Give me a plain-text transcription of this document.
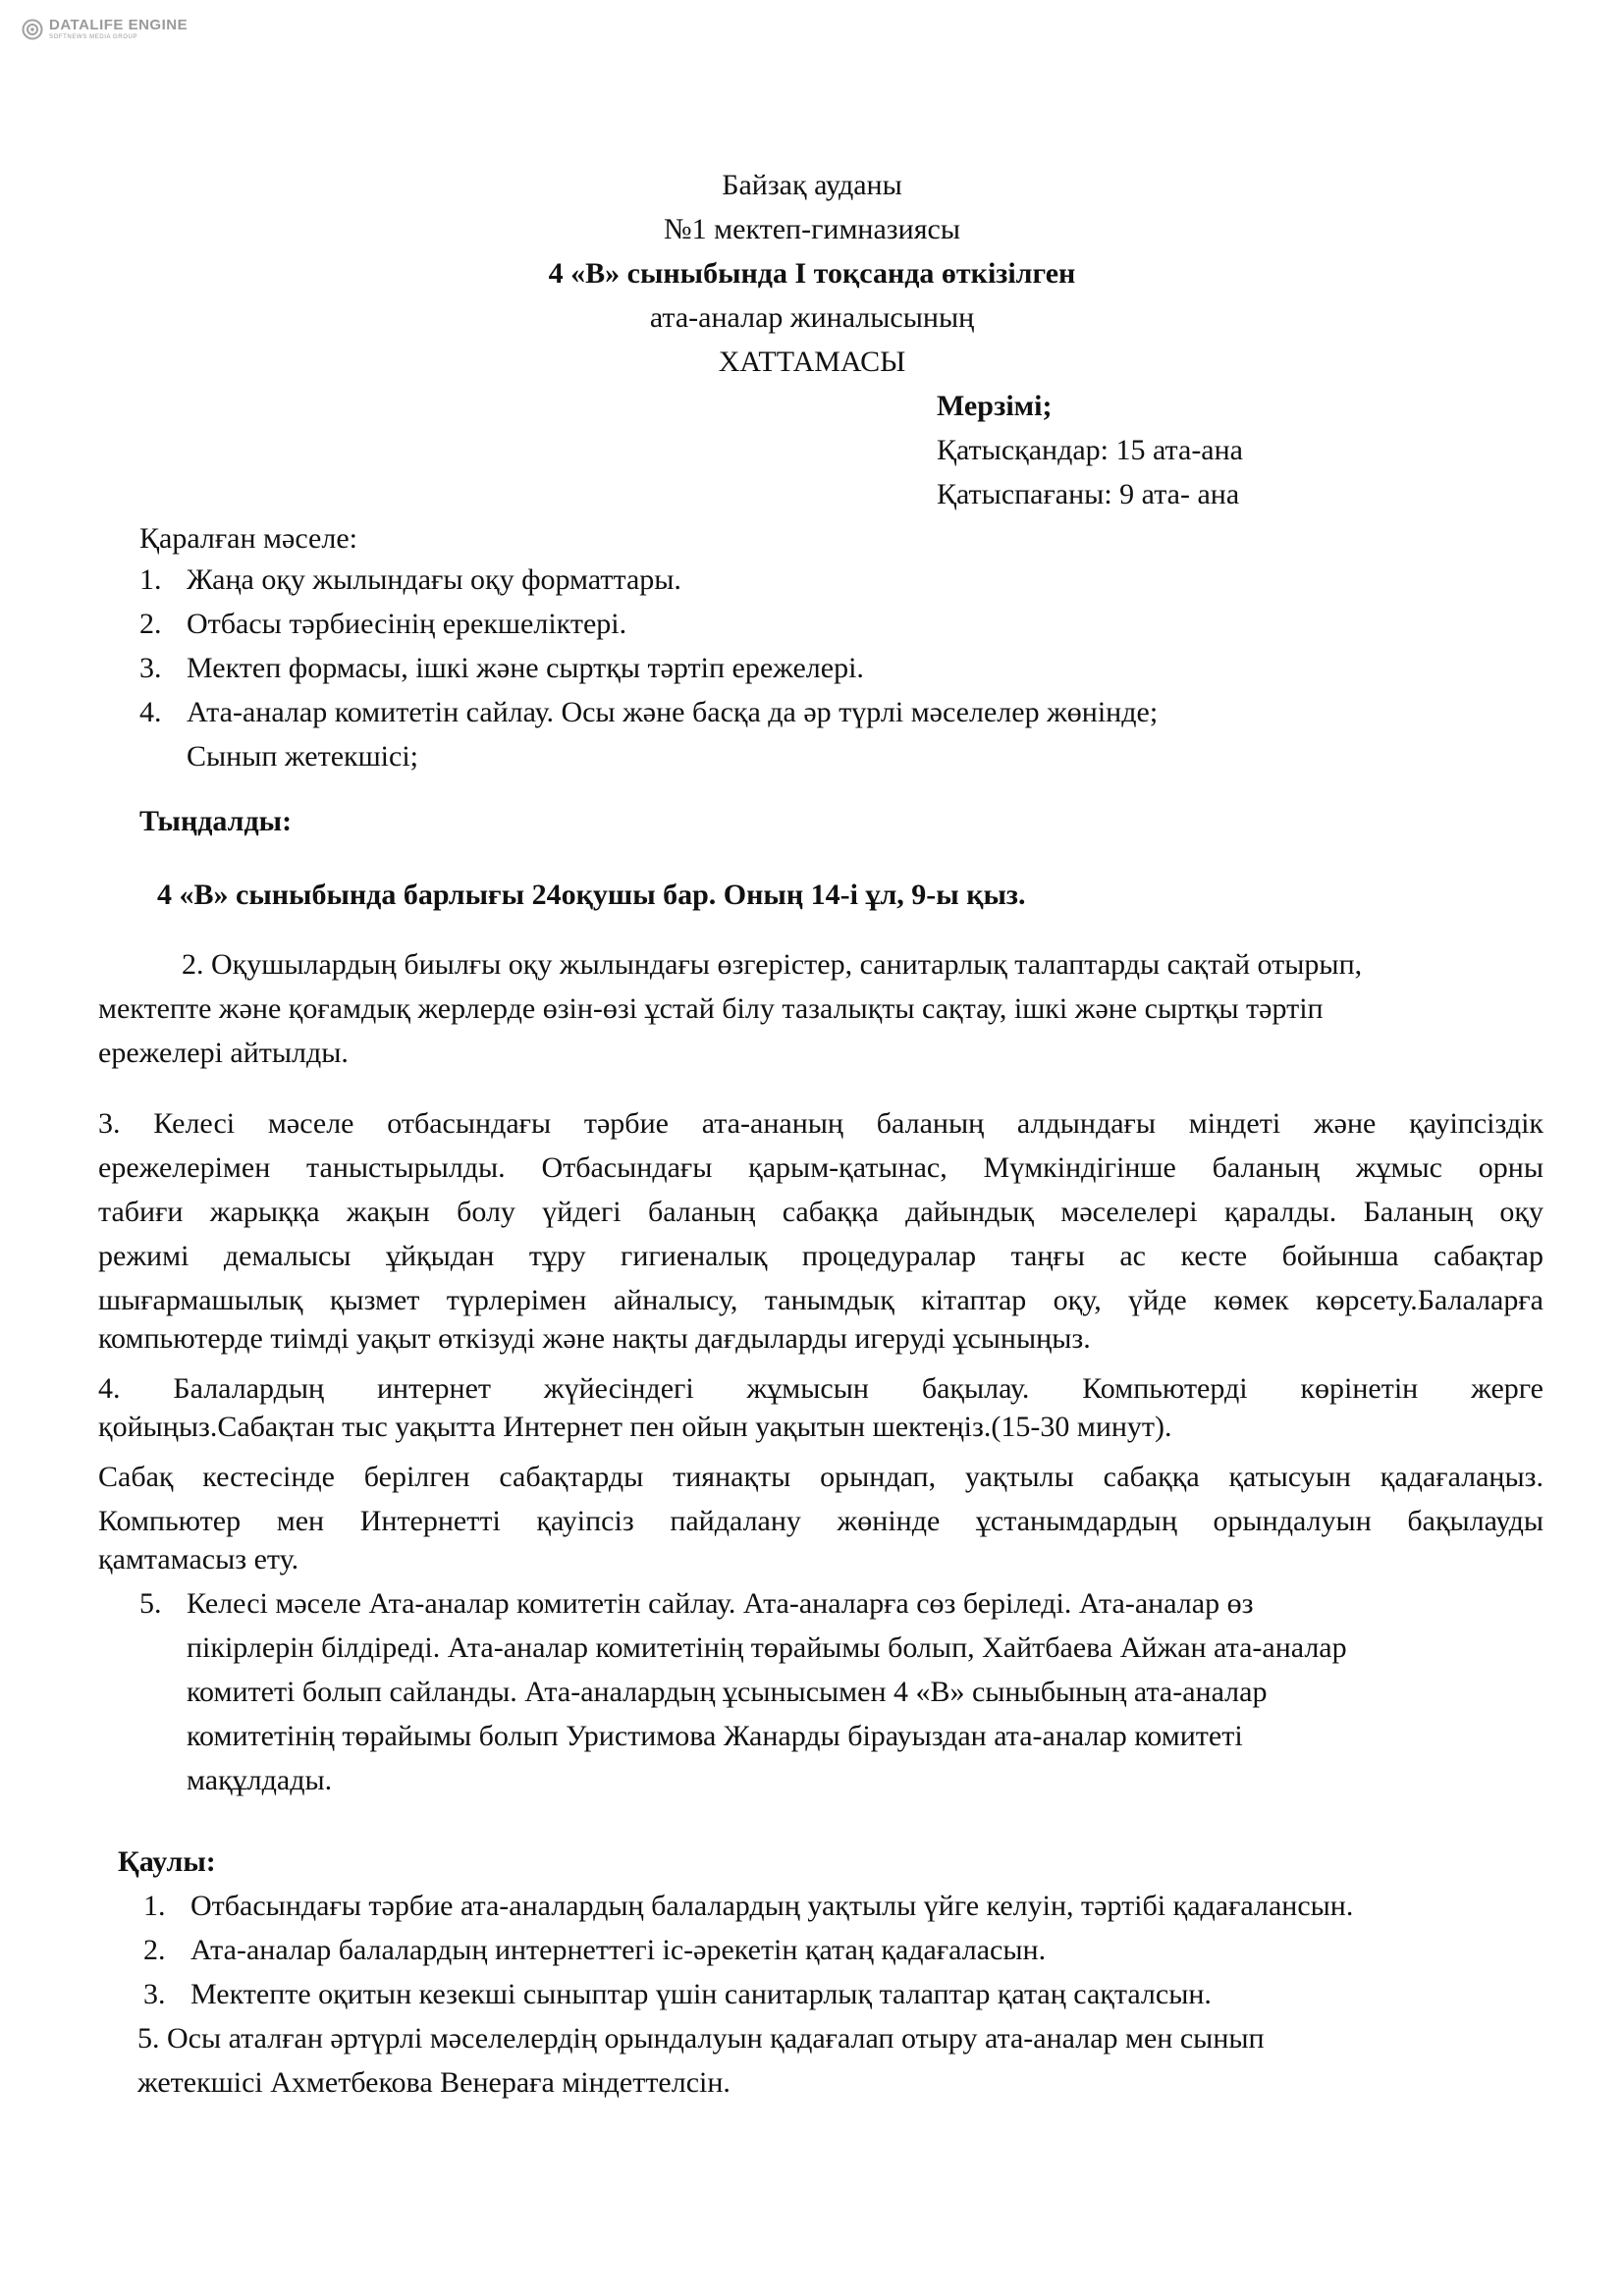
DATALIFE ENGINE
SOFTNEWS MEDIA GROUP
Байзақ ауданы
№1 мектеп-гимназиясы
4 «В» сыныбында І тоқсанда өткізілген
ата-аналар жиналысының
ХАТТАМАСЫ
Мерзімі;
Қатысқандар: 15 ата-ана
Қатыспағаны: 9 ата- ана
Қаралған мәселе:
1. Жаңа оқу жылындағы оқу форматтары.
2. Отбасы тәрбиесінің ерекшеліктері.
3. Мектеп формасы, ішкі және сыртқы тәртіп ережелері.
4. Ата-аналар комитетін сайлау. Осы және басқа да әр түрлі мәселелер жөнінде;
Сынып жетекшісі;
Тыңдалды:
4 «В» сыныбында барлығы 24оқушы бар. Оның 14-і ұл, 9-ы қыз.
2. Оқушылардың биылғы оқу жылындағы өзгерістер, санитарлық талаптарды сақтай отырып,
мектепте және қоғамдық жерлерде өзін-өзі ұстай білу тазалықты сақтау, ішкі және сыртқы тәртіп
ережелері айтылды.
3. Келесі мәселе отбасындағы тәрбие ата-ананың баланың алдындағы міндеті және қауіпсіздік
ережелерімен таныстырылды. Отбасындағы қарым-қатынас, Мүмкіндігінше баланың жұмыс орны
табиғи жарыққа жақын болу үйдегі баланың сабаққа дайындық мәселелері қаралды. Баланың оқу
режимі демалысы ұйқыдан тұру гигиеналық процедуралар таңғы ас кесте бойынша сабақтар
шығармашылық қызмет түрлерімен айналысу, танымдық кітаптар оқу, үйде көмек көрсету.Балаларға
компьютерде тиімді уақыт өткізуді және нақты дағдыларды игеруді ұсыныңыз.
4. Балалардың интернет жүйесіндегі жұмысын бақылау. Компьютерді көрінетін жерге
қойыңыз.Сабақтан тыс уақытта Интернет пен ойын уақытын шектеңіз.(15-30 минут).
Сабақ кестесінде берілген сабақтарды тиянақты орындап, уақтылы сабаққа қатысуын қадағалаңыз.
Компьютер мен Интернетті қауіпсіз пайдалану жөнінде ұстанымдардың орындалуын бақылауды
қамтамасыз ету.
5. Келесі мәселе Ата-аналар комитетін сайлау. Ата-аналарға сөз беріледі. Ата-аналар өз
пікірлерін білдіреді. Ата-аналар комитетінің төрайымы болып, Хайтбаева Айжан ата-аналар
комитеті болып сайланды. Ата-аналардың ұсынысымен 4 «В» сыныбының ата-аналар
комитетінің төрайымы болып Уристимова Жанарды бірауыздан ата-аналар комитеті
мақұлдады.
Қаулы:
1. Отбасындағы тәрбие ата-аналардың балалардың уақтылы үйге келуін, тәртібі қадағалансын.
2. Ата-аналар балалардың интернеттегі іс-әрекетін қатаң қадағаласын.
3. Мектепте оқитын кезекші сыныптар үшін санитарлық талаптар қатаң сақталсын.
5. Осы аталған әртүрлі мәселелердің орындалуын қадағалап отыру ата-аналар мен сынып
жетекшісі Ахметбекова Венераға міндеттелсін.
